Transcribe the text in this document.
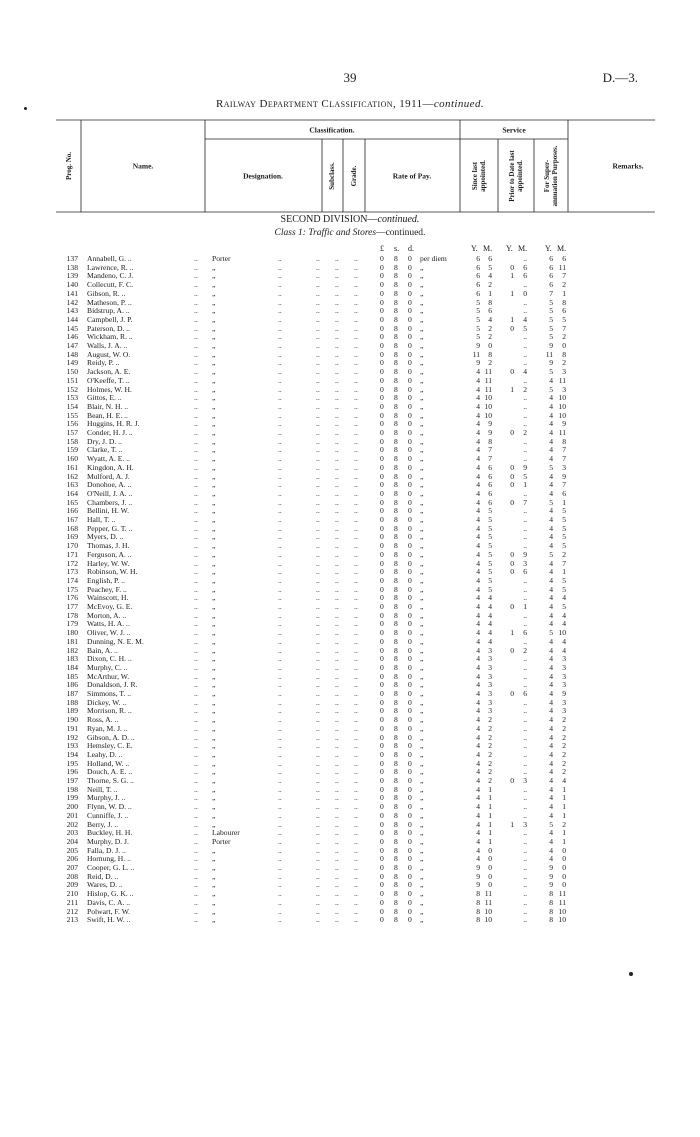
39	D.—3.
Railway Department Classification, 1911—continued.
Prog. No.	Name.
Classification.
Designation.	Subclass. Grade.	Rate of Pay.
Service
Since last appointed.	Prior to Date last appointed.	For Super-annuation Purposes.	Remarks.
SECOND DIVISION—continued.
Class 1: Traffic and Stores—continued.
£ s. d.	Y. M. Y. M. Y. M.
137 Annabell, G. ..	.. Porter	..	.. .. ..	0 8 0 per diem	6	6	..	6	6
138 Lawrence, R. ..	.. „	..	.. .. ..	0 8 0 „	6	5	0	6	6 11
139 Mandeno, C. J.	.. „	..	.. .. ..	0 8 0 „	6	4	1	6	6	7
140 Collecutt, F. C.	.. „	..	.. .. ..	0 8 0 „	6	2	..	6	2
141 Gibson, R. ..	.. „	..	.. .. ..	0 8 0 „	6	1	1	0	7	1
142 Matheson, P. ..	.. „	..	.. .. ..	0 8 0 „	5	8	..	5	8
143 Bidstrup, A. ..	.. „	..	.. .. ..	0 8 0 „	5	6	..	5	6
144 Campbell, J. P.	.. „	..	.. .. ..	0 8 0 „	5	4	1	4	5	5
145 Paterson, D. ..	.. „	..	.. .. ..	0 8 0 „	5	2	0	5	5	7
146 Wickham, R. ..	.. „	..	.. .. ..	0 8 0 „	5	2	..	5	2
147 Walls, J. A. ..	.. „	..	.. .. ..	0 8 0 „	9	0	..	9	0
148 August, W. O.	.. „	..	.. .. ..	0 8 0 „	11	8	.. 11	8
149 Reidy, P. ..	.. „	..	.. .. ..	0 8 0 „	9	2	..	9	2
150 Jackson, A. E.	.. „	..	.. .. ..	0 8 0 „	4 11	0	4	5	3
151 O'Keeffe, T. ..	.. „	..	.. .. ..	0 8 0 „	4 11	..	4 11
152 Holmes, W. H.	.. „	..	.. .. ..	0 8 0 „	4 11	1	2	5	3
153 Gittos, E. ..	.. „	..	.. .. ..	0 8 0 „	4 10	..	4 10
154 Blair, N. H. ..	.. „	..	.. .. ..	0 8 0 „	4 10	..	4 10
155 Bean, H. E. ..	.. „	..	.. .. ..	0 8 0 „	4 10	..	4 10
156 Huggins, H. R. J.	.. „	..	.. .. ..	0 8 0 „	4	9	..	4	9
157 Conder, H. J. ..	.. „	..	.. .. ..	0 8 0 „	4	9	0	2	4 11
158 Dry, J. D. ..	.. „	..	.. .. ..	0 8 0 „	4	8	..	4	8
159 Clarke, T. ..	.. „	..	.. .. ..	0 8 0 „	4	7	..	4	7
160 Wyatt, A. E. ..	.. „	..	.. .. ..	0 8 0 „	4	7	..	4	7
161 Kingdon, A. H.	.. „	..	.. .. ..	0 8 0 „	4	6	0	9	5	3
162 Mulford, A. J.	.. „	..	.. .. ..	0 8 0 „	4	6	0	5	4	9
163 Donohoe, A. ..	.. „	..	.. .. ..	0 8 0 „	4	6	0	1	4	7
164 O'Neill, J. A. ..	.. „	..	.. .. ..	0 8 0 „	4	6	..	4	6
165 Chambers, J. ..	.. „	..	.. .. ..	0 8 0 „	4	6	0	7	5	1
166 Bellini, H. W.	.. „	..	.. .. ..	0 8 0 „	4	5	..	4	5
167 Hall, T. ..	.. „	..	.. .. ..	0 8 0 „	4	5	..	4	5
168 Pepper, G. T. ..	.. „	..	.. .. ..	0 8 0 „	4	5	..	4	5
169 Myers, D. ..	.. „	..	.. .. ..	0 8 0 „	4	5	..	4	5
170 Thomas, J. H.	.. „	..	.. .. ..	0 8 0 „	4	5	..	4	5
171 Ferguson, A. ..	.. „	..	.. .. ..	0 8 0 „	4	5	0	9	5	2
172 Harley, W. W.	.. „	..	.. .. ..	0 8 0 „	4	5	0	3	4	7
173 Robinson, W. H.	.. „	..	.. .. ..	0 8 0 „	4	5	0	6	4	1
174 English, P. ..	.. „	..	.. .. ..	0 8 0 „	4	5	..	4	5
175 Peachey, F. ..	.. „	..	.. .. ..	0 8 0 „	4	5	..	4	5
176 Wainscott, H.	.. „	..	.. .. ..	0 8 0 „	4	4	..	4	4
177 McEvoy, G. E.	.. „	..	.. .. ..	0 8 0 „	4	4	0	1	4	5
178 Morton, A. ..	.. „	..	.. .. ..	0 8 0 „	4	4	..	4	4
179 Watts, H. A. ..	.. „	..	.. .. ..	0 8 0 „	4	4	..	4	4
180 Oliver, W. J. ..	.. „	..	.. .. ..	0 8 0 „	4	4	1	6	5 10
181 Dunning, N. E. M.	.. „	..	.. .. ..	0 8 0 „	4	4	..	4	4
182 Bain, A. ..	.. „	..	.. .. ..	0 8 0 „	4	3	0	2	4	4
183 Dixon, C. H. ..	.. „	..	.. .. ..	0 8 0 „	4	3	..	4	3
184 Murphy, C. ..	.. „	..	.. .. ..	0 8 0 „	4	3	..	4	3
185 McArthur, W.	.. „	..	.. .. ..	0 8 0 „	4	3	..	4	3
186 Donaldson, J. R.	.. „	..	.. .. ..	0 8 0 „	4	3	..	4	3
187 Simmons, T. ..	.. „	..	.. .. ..	0 8 0 „	4	3	0	6	4	9
188 Dickey, W. ..	.. „	..	.. .. ..	0 8 0 „	4	3	..	4	3
189 Morrison, R. ..	.. „	..	.. .. ..	0 8 0 „	4	3	..	4	3
190 Ross, A. ..	.. „	..	.. .. ..	0 8 0 „	4	2	..	4	2
191 Ryan, M. J. ..	.. „	..	.. .. ..	0 8 0 „	4	2	..	4	2
192 Gibson, A. D. ..	.. „	..	.. .. ..	0 8 0 „	4	2	..	4	2
193 Hemsley, C. E.	.. „	..	.. .. ..	0 8 0 „	4	2	..	4	2
194 Leahy, D. ..	.. „	..	.. .. ..	0 8 0 „	4	2	..	4	2
195 Holland, W. ..	.. „	..	.. .. ..	0 8 0 „	4	2	..	4	2
196 Douch, A. E. ..	.. „	..	.. .. ..	0 8 0 „	4	2	..	4	2
197 Thorne, S. G. ..	.. „	..	.. .. ..	0 8 0 „	4	2	0	3	4	4
198 Neill, T. ..	.. „	..	.. .. ..	0 8 0 „	4	1	..	4	1
199 Murphy, J. ..	.. „	..	.. .. ..	0 8 0 „	4	1	..	4	1
200 Flynn, W. D. ..	.. „	..	.. .. ..	0 8 0 „	4	1	..	4	1
201 Cunniffe, J. ..	.. „	..	.. .. ..	0 8 0 „	4	1	..	4	1
202 Berry, J. ..	.. „	..	.. .. ..	0 8 0 „	4	1	1	3	5	2
203 Buckley, H. H.	.. Labourer	..	.. .. ..	0 8 0 „	4	1	..	4	1
204 Murphy, D. J.	.. Porter	..	.. .. ..	0 8 0 „	4	1	..	4	1
205 Falla, D. J. ..	.. „	..	.. .. ..	0 8 0 „	4	0	..	4	0
206 Hornung, H. ..	.. „	..	.. .. ..	0 8 0 „	4	0	..	4	0
207 Cooper, G. L. ..	.. „	..	.. .. ..	0 8 0 „	9	0	..	9	0
208 Reid, D. ..	.. „	..	.. .. ..	0 8 0 „	9	0	..	9	0
209 Wares, D. ..	.. „	..	.. .. ..	0 8 0 „	9	0	..	9	0
210 Hislop, G. K. ..	.. „	..	.. .. ..	0 8 0 „	8 11	..	8 11
211 Davis, C. A. ..	.. „	..	.. .. ..	0 8 0 „	8 11	..	8 11
212 Polwart, F. W.	.. „	..	.. .. ..	0 8 0 „	8 10	..	8 10
213 Swift, H. W. ..	.. „	..	.. .. ..	0 8 0 „	8 10	..	8 10
